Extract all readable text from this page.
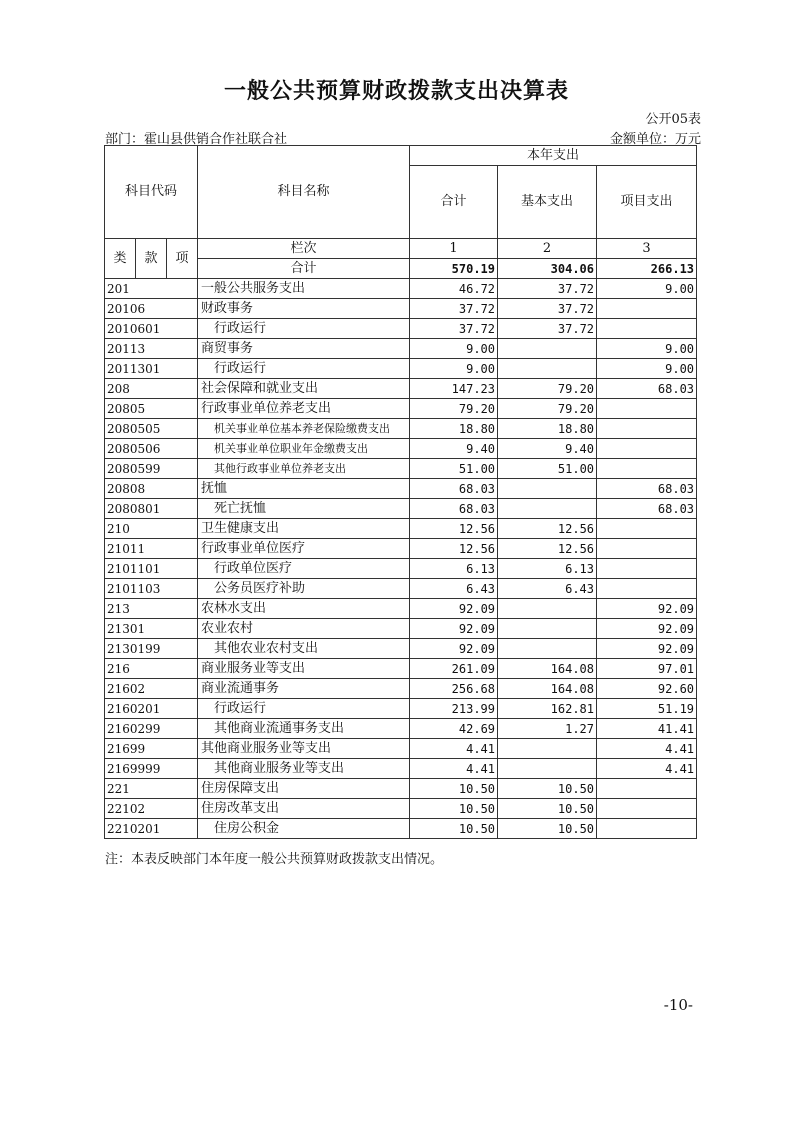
一般公共预算财政拨款支出决算表
公开05表
部门：霍山县供销合作社联合社	金额单位：万元
科目代码			科目名称	本年支出		
				合计	基本支出	项目支出

类	款	项	栏次	1	2	3
			合计	570.19	304.06	266.13
201			一般公共服务支出	46.72	37.72	9.00
20106			财政事务	37.72	37.72	
2010601			行政运行	37.72	37.72	
20113			商贸事务	9.00		9.00
2011301			行政运行	9.00		9.00
208			社会保障和就业支出	147.23	79.20	68.03
20805			行政事业单位养老支出	79.20	79.20	
2080505			机关事业单位基本养老保险缴费支出	18.80	18.80	
2080506			机关事业单位职业年金缴费支出	9.40	9.40	
2080599			其他行政事业单位养老支出	51.00	51.00	
20808			抚恤	68.03		68.03
2080801			死亡抚恤	68.03		68.03
210			卫生健康支出	12.56	12.56	
21011			行政事业单位医疗	12.56	12.56	
2101101			行政单位医疗	6.13	6.13	
2101103			公务员医疗补助	6.43	6.43	
213			农林水支出	92.09		92.09
21301			农业农村	92.09		92.09
2130199			其他农业农村支出	92.09		92.09
216			商业服务业等支出	261.09	164.08	97.01
21602			商业流通事务	256.68	164.08	92.60
2160201			行政运行	213.99	162.81	51.19
2160299			其他商业流通事务支出	42.69	1.27	41.41
21699			其他商业服务业等支出	4.41		4.41
2169999			其他商业服务业等支出	4.41		4.41
221			住房保障支出	10.50	10.50	
22102			住房改革支出	10.50	10.50	
2210201			住房公积金	10.50	10.50	
注：本表反映部门本年度一般公共预算财政拨款支出情况。
-10-
